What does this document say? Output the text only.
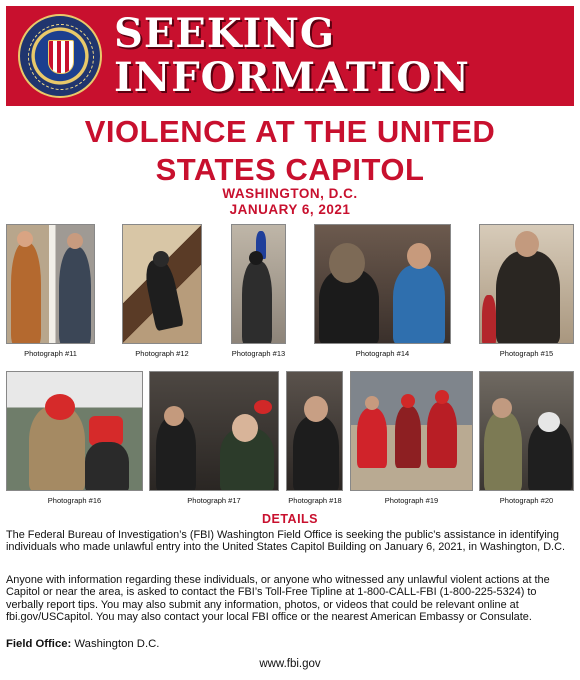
SEEKING
INFORMATION
VIOLENCE AT THE UNITED
STATES CAPITOL
WASHINGTON, D.C.
JANUARY 6, 2021
Photograph #11	Photograph #12	Photograph #13	Photograph #14	Photograph #15
Photograph #16	Photograph #17	Photograph #18	Photograph #19	Photograph #20
DETAILS

The Federal Bureau of Investigation’s (FBI) Washington Field Office is seeking the public’s assistance in identifying individuals who made unlawful entry into the United States Capitol Building on January 6, 2021, in Washington, D.C.

Anyone with information regarding these individuals, or anyone who witnessed any unlawful violent actions at the Capitol or near the area, is asked to contact the FBI’s Toll-Free Tipline at 1-800-CALL-FBI (1-800-225-5324) to verbally report tips. You may also submit any information, photos, or videos that could be relevant online at fbi.gov/USCapitol. You may also contact your local FBI office or the nearest American Embassy or Consulate.

Field Office: Washington D.C.
www.fbi.gov
